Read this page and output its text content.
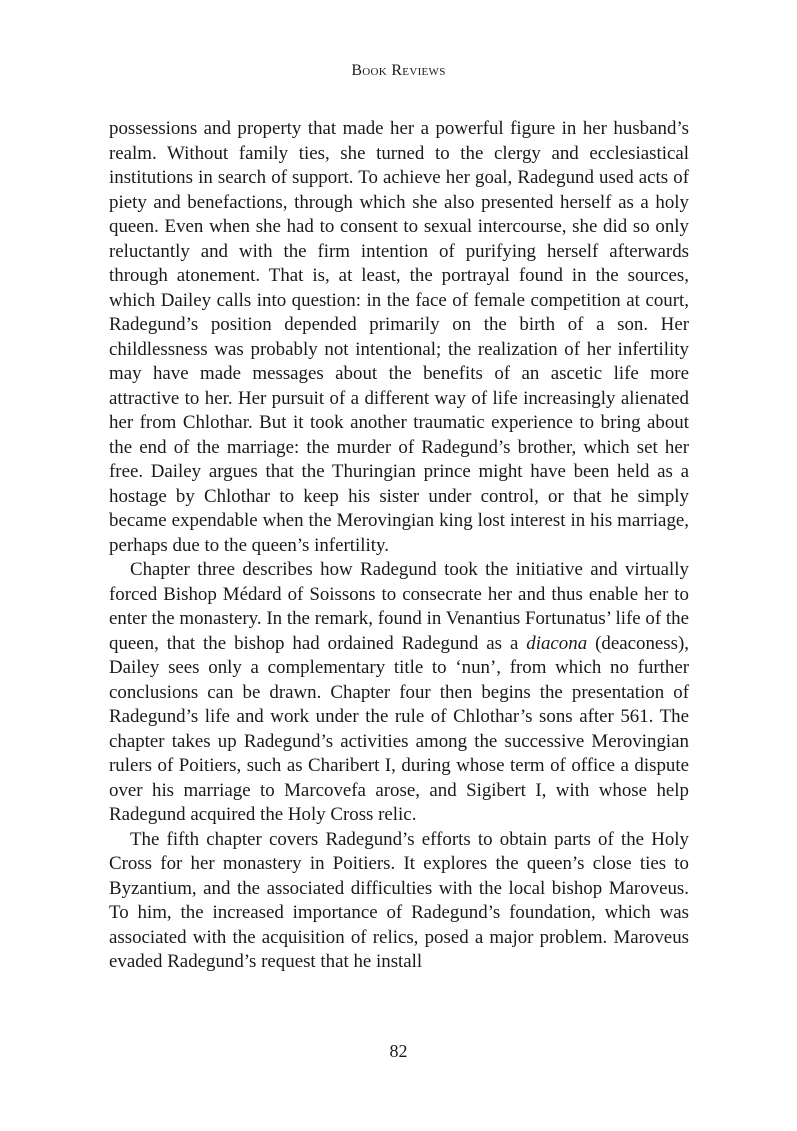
Book Reviews

possessions and property that made her a powerful figure in her husband’s realm. Without family ties, she turned to the clergy and ecclesiastical institutions in search of support. To achieve her goal, Radegund used acts of piety and benefactions, through which she also presented herself as a holy queen. Even when she had to consent to sexual intercourse, she did so only reluctantly and with the firm intention of purifying herself afterwards through atonement. That is, at least, the portrayal found in the sources, which Dailey calls into question: in the face of female competition at court, Radegund’s position depended primarily on the birth of a son. Her childlessness was probably not intentional; the realization of her infertility may have made messages about the benefits of an ascetic life more attractive to her. Her pursuit of a different way of life increasingly alienated her from Chlothar. But it took another traumatic experience to bring about the end of the marriage: the murder of Radegund’s brother, which set her free. Dailey argues that the Thuringian prince might have been held as a hostage by Chlothar to keep his sister under control, or that he simply became expendable when the Merovingian king lost interest in his marriage, perhaps due to the queen’s infertility.

Chapter three describes how Radegund took the initiative and virtually forced Bishop Médard of Soissons to consecrate her and thus enable her to enter the monastery. In the remark, found in Venantius Fortunatus’ life of the queen, that the bishop had ordained Radegund as a diacona (deaconess), Dailey sees only a complementary title to ‘nun’, from which no further conclusions can be drawn. Chapter four then begins the presentation of Radegund’s life and work under the rule of Chlothar’s sons after 561. The chapter takes up Radegund’s activities among the successive Merovingian rulers of Poitiers, such as Charibert I, during whose term of office a dispute over his marriage to Marcovefa arose, and Sigibert I, with whose help Radegund acquired the Holy Cross relic.

The fifth chapter covers Radegund’s efforts to obtain parts of the Holy Cross for her monastery in Poitiers. It explores the queen’s close ties to Byzantium, and the associated difficulties with the local bishop Maroveus. To him, the increased importance of Radegund’s foundation, which was associated with the acquisition of relics, posed a major problem. Maroveus evaded Radegund’s request that he install

82
